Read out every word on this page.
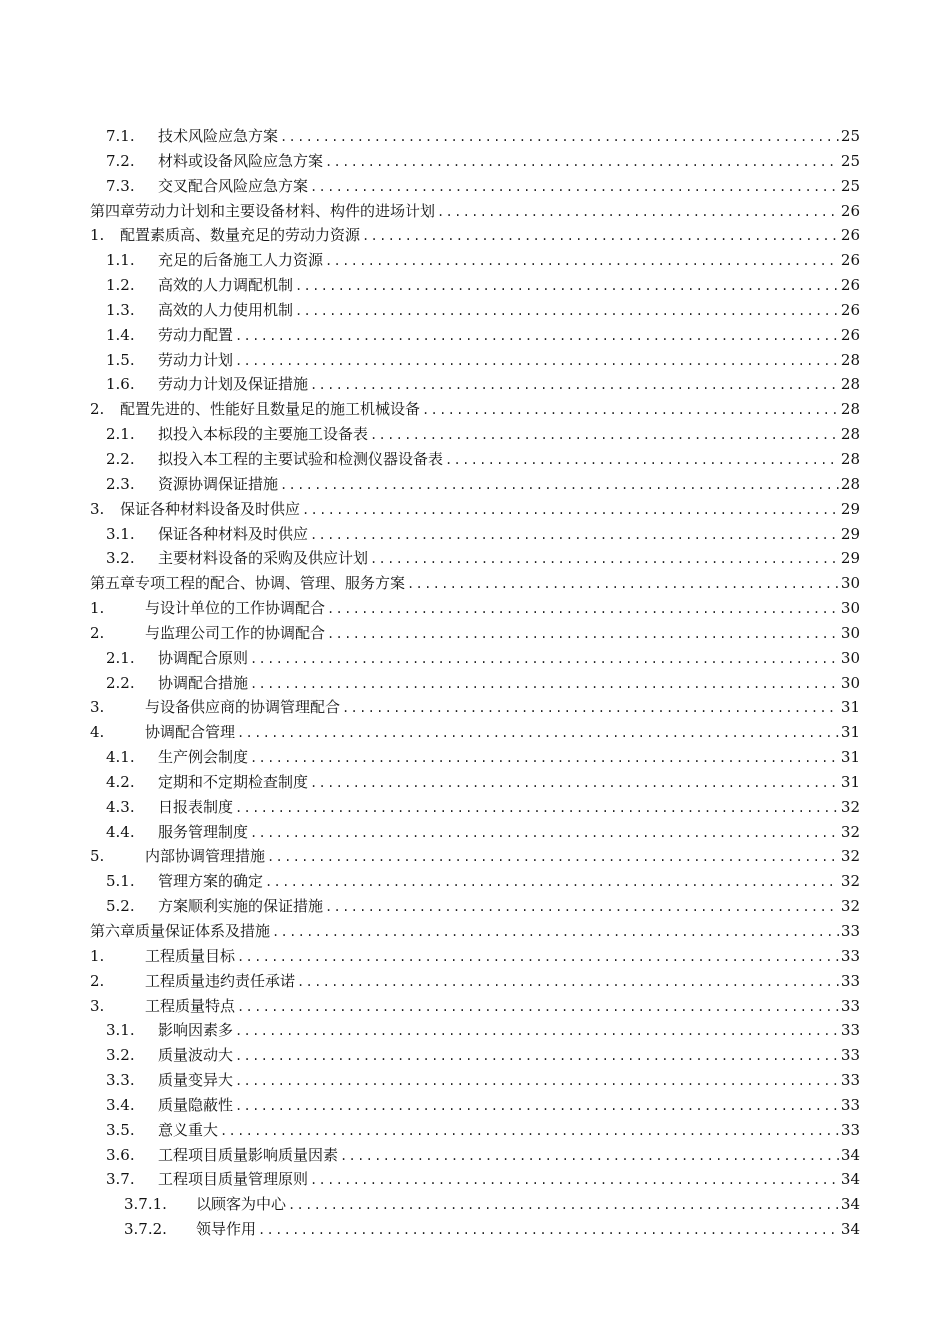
7.1.	技术风险应急方案 .....	25
7.2.	材料或设备风险应急方案 .....	25
7.3.	交叉配合风险应急方案 .....	25
第四章 劳动力计划和主要设备材料、构件的进场计划 .....	26
1.	配置素质高、数量充足的劳动力资源 .....	26
1.1.	充足的后备施工人力资源 .....	26
1.2.	高效的人力调配机制 .....	26
1.3.	高效的人力使用机制 .....	26
1.4.	劳动力配置 .....	26
1.5.	劳动力计划 .....	28
1.6.	劳动力计划及保证措施 .....	28
2.	配置先进的、性能好且数量足的施工机械设备 .....	28
2.1.	拟投入本标段的主要施工设备表 .....	28
2.2.	拟投入本工程的主要试验和检测仪器设备表 .....	28
2.3.	资源协调保证措施 .....	28
3.	保证各种材料设备及时供应 .....	29
3.1.	保证各种材料及时供应 .....	29
3.2.	主要材料设备的采购及供应计划 .....	29
第五章 专项工程的配合、协调、管理、服务方案 .....	30
1.	与设计单位的工作协调配合 .....	30
2.	与监理公司工作的协调配合 .....	30
2.1.	协调配合原则 .....	30
2.2.	协调配合措施 .....	30
3.	与设备供应商的协调管理配合 .....	31
4.	协调配合管理 .....	31
4.1.	生产例会制度 .....	31
4.2.	定期和不定期检查制度 .....	31
4.3.	日报表制度 .....	32
4.4.	服务管理制度 .....	32
5.	内部协调管理措施 .....	32
5.1.	管理方案的确定 .....	32
5.2.	方案顺利实施的保证措施 .....	32
第六章 质量保证体系及措施 .....	33
1.	工程质量目标 .....	33
2.	工程质量违约责任承诺 .....	33
3.	工程质量特点 .....	33
3.1.	影响因素多 .....	33
3.2.	质量波动大 .....	33
3.3.	质量变异大 .....	33
3.4.	质量隐蔽性 .....	33
3.5.	意义重大 .....	33
3.6.	工程项目质量影响质量因素 .....	34
3.7.	工程项目质量管理原则 .....	34
3.7.1.	以顾客为中心 .....	34
3.7.2.	领导作用 .....	34
